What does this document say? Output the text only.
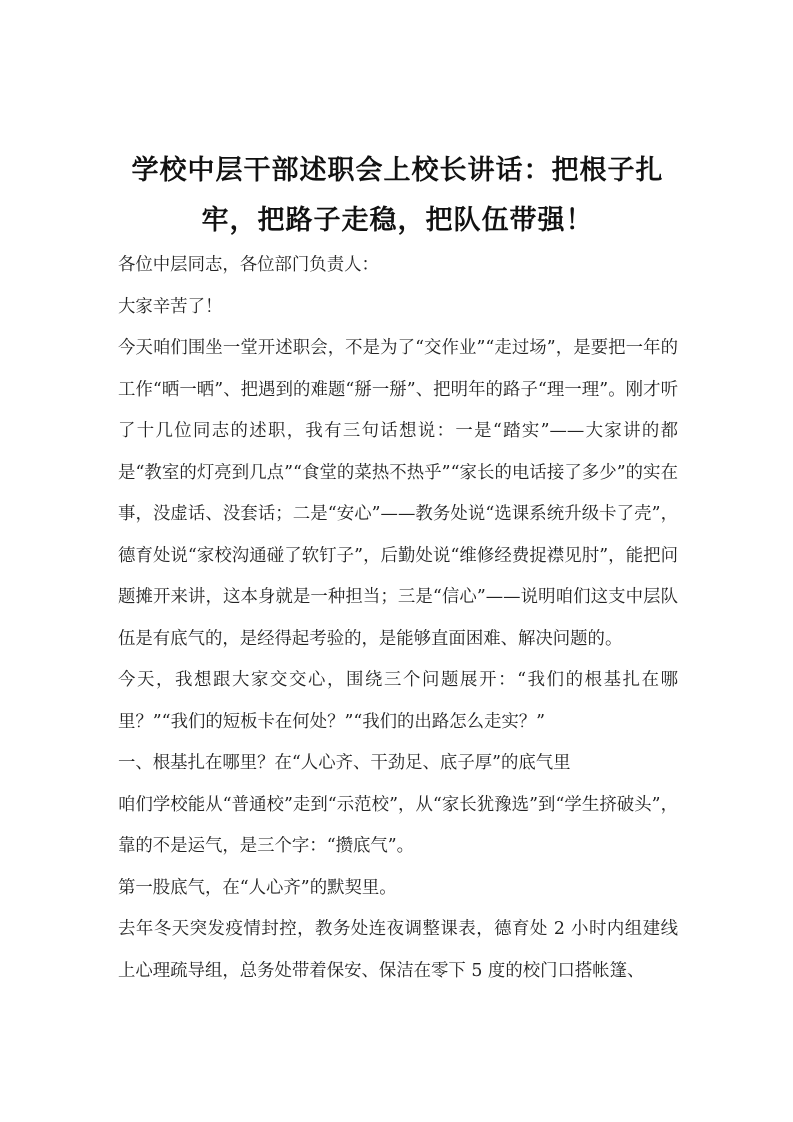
学校中层干部述职会上校长讲话：把根子扎
牢，把路子走稳，把队伍带强！

各位中层同志，各位部门负责人：

大家辛苦了！

今天咱们围坐一堂开述职会，不是为了“交作业”“走过场”，是要把一年的工作“晒一晒”、把遇到的难题“掰一掰”、把明年的路子“理一理”。刚才听了十几位同志的述职，我有三句话想说：一是“踏实”——大家讲的都是“教室的灯亮到几点”“食堂的菜热不热乎”“家长的电话接了多少”的实在事，没虚话、没套话；二是“安心”——教务处说“选课系统升级卡了壳”，德育处说“家校沟通碰了软钉子”，后勤处说“维修经费捉襟见肘”，能把问题摊开来讲，这本身就是一种担当；三是“信心”——说明咱们这支中层队伍是有底气的，是经得起考验的，是能够直面困难、解决问题的。

今天，我想跟大家交交心，围绕三个问题展开：“我们的根基扎在哪里？”“我们的短板卡在何处？”“我们的出路怎么走实？”

一、根基扎在哪里？在“人心齐、干劲足、底子厚”的底气里

咱们学校能从“普通校”走到“示范校”，从“家长犹豫选”到“学生挤破头”，靠的不是运气，是三个字：“攒底气”。

第一股底气，在“人心齐”的默契里。

去年冬天突发疫情封控，教务处连夜调整课表，德育处 2 小时内组建线上心理疏导组，总务处带着保安、保洁在零下 5 度的校门口搭帐篷、
